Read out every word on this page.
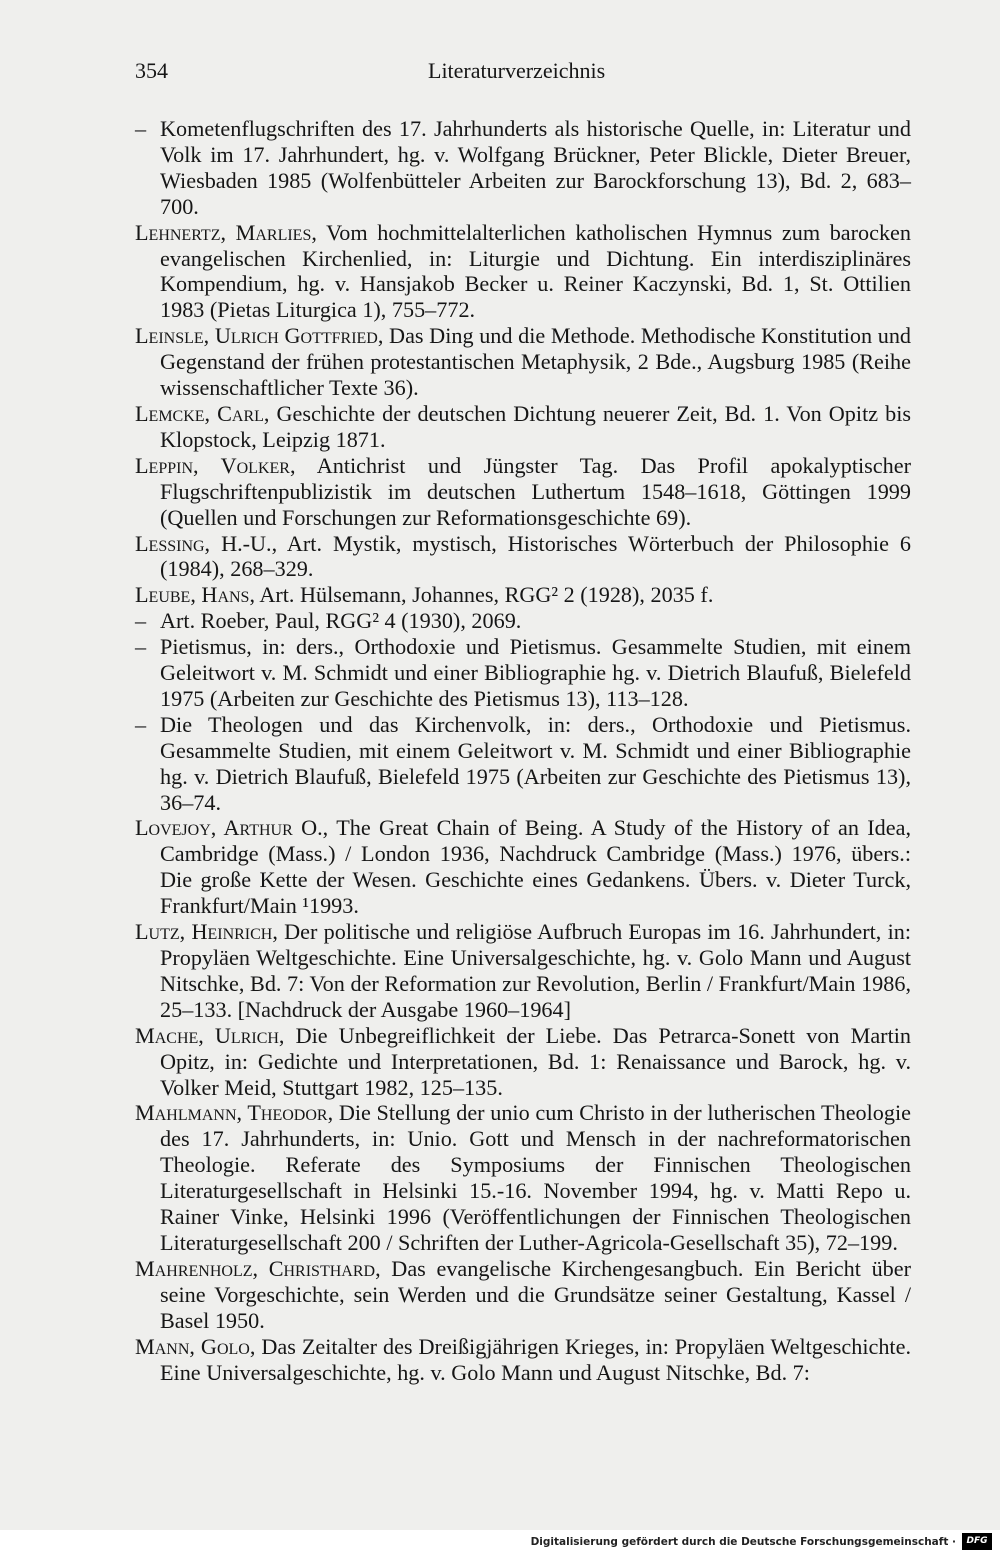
354	Literaturverzeichnis

– Kometenflugschriften des 17. Jahrhunderts als historische Quelle, in: Literatur und Volk im 17. Jahrhundert, hg. v. Wolfgang Brückner, Peter Blickle, Dieter Breuer, Wiesbaden 1985 (Wolfenbütteler Arbeiten zur Barockforschung 13), Bd. 2, 683–700.

Lehnertz, Marlies, Vom hochmittelalterlichen katholischen Hymnus zum barocken evangelischen Kirchenlied, in: Liturgie und Dichtung. Ein interdisziplinäres Kompendium, hg. v. Hansjakob Becker u. Reiner Kaczynski, Bd. 1, St. Ottilien 1983 (Pietas Liturgica 1), 755–772.

Leinsle, Ulrich Gottfried, Das Ding und die Methode. Methodische Konstitution und Gegenstand der frühen protestantischen Metaphysik, 2 Bde., Augsburg 1985 (Reihe wissenschaftlicher Texte 36).

Lemcke, Carl, Geschichte der deutschen Dichtung neuerer Zeit, Bd. 1. Von Opitz bis Klopstock, Leipzig 1871.

Leppin, Volker, Antichrist und Jüngster Tag. Das Profil apokalyptischer Flugschriftenpublizistik im deutschen Luthertum 1548–1618, Göttingen 1999 (Quellen und Forschungen zur Reformationsgeschichte 69).

Lessing, H.-U., Art. Mystik, mystisch, Historisches Wörterbuch der Philosophie 6 (1984), 268–329.

Leube, Hans, Art. Hülsemann, Johannes, RGG² 2 (1928), 2035 f.

– Art. Roeber, Paul, RGG² 4 (1930), 2069.

– Pietismus, in: ders., Orthodoxie und Pietismus. Gesammelte Studien, mit einem Geleitwort v. M. Schmidt und einer Bibliographie hg. v. Dietrich Blaufuß, Bielefeld 1975 (Arbeiten zur Geschichte des Pietismus 13), 113–128.

– Die Theologen und das Kirchenvolk, in: ders., Orthodoxie und Pietismus. Gesammelte Studien, mit einem Geleitwort v. M. Schmidt und einer Bibliographie hg. v. Dietrich Blaufuß, Bielefeld 1975 (Arbeiten zur Geschichte des Pietismus 13), 36–74.

Lovejoy, Arthur O., The Great Chain of Being. A Study of the History of an Idea, Cambridge (Mass.) / London 1936, Nachdruck Cambridge (Mass.) 1976, übers.: Die große Kette der Wesen. Geschichte eines Gedankens. Übers. v. Dieter Turck, Frankfurt/Main ¹1993.

Lutz, Heinrich, Der politische und religiöse Aufbruch Europas im 16. Jahrhundert, in: Propyläen Weltgeschichte. Eine Universalgeschichte, hg. v. Golo Mann und August Nitschke, Bd. 7: Von der Reformation zur Revolution, Berlin / Frankfurt/Main 1986, 25–133. [Nachdruck der Ausgabe 1960–1964]

Mache, Ulrich, Die Unbegreiflichkeit der Liebe. Das Petrarca-Sonett von Martin Opitz, in: Gedichte und Interpretationen, Bd. 1: Renaissance und Barock, hg. v. Volker Meid, Stuttgart 1982, 125–135.

Mahlmann, Theodor, Die Stellung der unio cum Christo in der lutherischen Theologie des 17. Jahrhunderts, in: Unio. Gott und Mensch in der nachreformatorischen Theologie. Referate des Symposiums der Finnischen Theologischen Literaturgesellschaft in Helsinki 15.-16. November 1994, hg. v. Matti Repo u. Rainer Vinke, Helsinki 1996 (Veröffentlichungen der Finnischen Theologischen Literaturgesellschaft 200 / Schriften der Luther-Agricola-Gesellschaft 35), 72–199.

Mahrenholz, Christhard, Das evangelische Kirchengesangbuch. Ein Bericht über seine Vorgeschichte, sein Werden und die Grundsätze seiner Gestaltung, Kassel / Basel 1950.

Mann, Golo, Das Zeitalter des Dreißigjährigen Krieges, in: Propyläen Weltgeschichte. Eine Universalgeschichte, hg. v. Golo Mann und August Nitschke, Bd. 7:

Digitalisierung gefördert durch die Deutsche Forschungsgemeinschaft ·	DFG
